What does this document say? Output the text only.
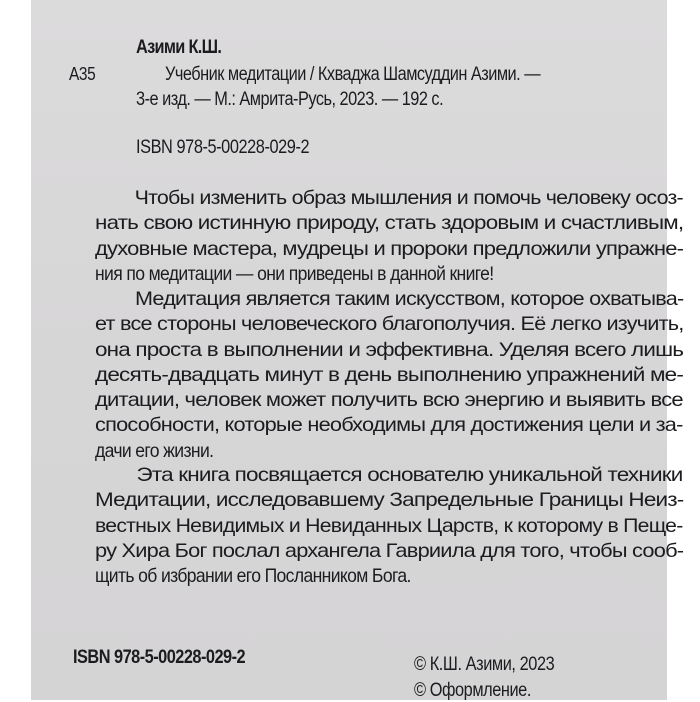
Азими К.Ш.
А35	Учебник медитации / Кхваджа Шамсуддин Азими. —
3-е изд. — М.: Амрита-Русь, 2023. — 192 с.
ISBN 978-5-00228-029-2
Чтобы изменить образ мышления и помочь человеку осоз-
нать свою истинную природу, стать здоровым и счастливым,
духовные мастера, мудрецы и пророки предложили упражне-
ния по медитации — они приведены в данной книге!
Медитация является таким искусством, которое охватыва-
ет все стороны человеческого благополучия. Её легко изучить,
она проста в выполнении и эффективна. Уделяя всего лишь
десять-двадцать минут в день выполнению упражнений ме-
дитации, человек может получить всю энергию и выявить все
способности, которые необходимы для достижения цели и за-
дачи его жизни.
Эта книга посвящается основателю уникальной техники
Медитации, исследовавшему Запредельные Границы Неиз-
вестных Невидимых и Невиданных Царств, к которому в Пеще-
ру Хира Бог послал архангела Гавриила для того, чтобы сооб-
щить об избрании его Посланником Бога.
ISBN 978-5-00228-029-2	© К.Ш. Азими, 2023
© Оформление.
